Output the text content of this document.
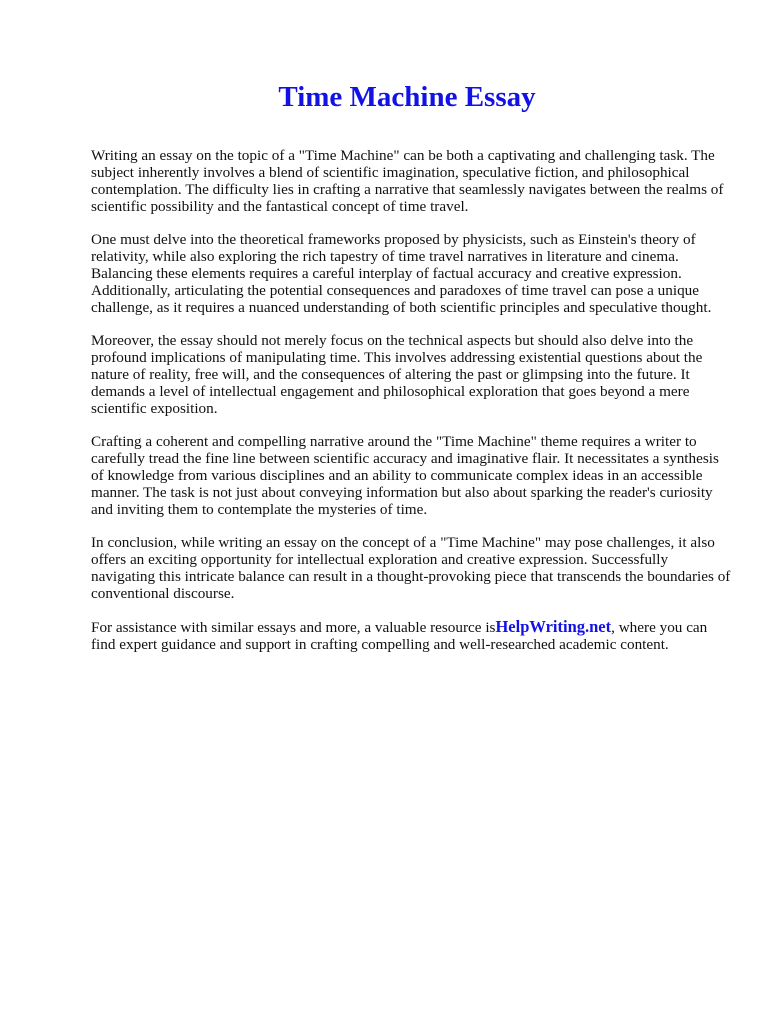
Time Machine Essay

Writing an essay on the topic of a "Time Machine" can be both a captivating and challenging task. The subject inherently involves a blend of scientific imagination, speculative fiction, and philosophical contemplation. The difficulty lies in crafting a narrative that seamlessly navigates between the realms of scientific possibility and the fantastical concept of time travel.

One must delve into the theoretical frameworks proposed by physicists, such as Einstein's theory of relativity, while also exploring the rich tapestry of time travel narratives in literature and cinema. Balancing these elements requires a careful interplay of factual accuracy and creative expression. Additionally, articulating the potential consequences and paradoxes of time travel can pose a unique challenge, as it requires a nuanced understanding of both scientific principles and speculative thought.

Moreover, the essay should not merely focus on the technical aspects but should also delve into the profound implications of manipulating time. This involves addressing existential questions about the nature of reality, free will, and the consequences of altering the past or glimpsing into the future. It demands a level of intellectual engagement and philosophical exploration that goes beyond a mere scientific exposition.

Crafting a coherent and compelling narrative around the "Time Machine" theme requires a writer to carefully tread the fine line between scientific accuracy and imaginative flair. It necessitates a synthesis of knowledge from various disciplines and an ability to communicate complex ideas in an accessible manner. The task is not just about conveying information but also about sparking the reader's curiosity and inviting them to contemplate the mysteries of time.

In conclusion, while writing an essay on the concept of a "Time Machine" may pose challenges, it also offers an exciting opportunity for intellectual exploration and creative expression. Successfully navigating this intricate balance can result in a thought-provoking piece that transcends the boundaries of conventional discourse.

For assistance with similar essays and more, a valuable resource isHelpWriting.net, where you can find expert guidance and support in crafting compelling and well-researched academic content.
